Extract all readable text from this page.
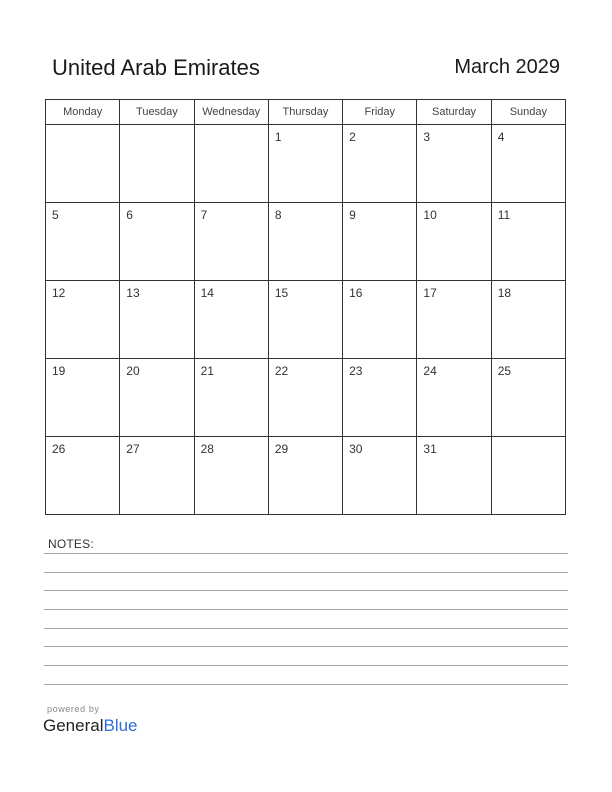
United Arab Emirates	March 2029
Monday	Tuesday	Wednesday	Thursday	Friday	Saturday	Sunday

			1	2	3	4

5	6	7	8	9	10	11

12	13	14	15	16	17	18

19	20	21	22	23	24	25

26	27	28	29	30	31	

NOTES:
powered by
GeneralBlue
